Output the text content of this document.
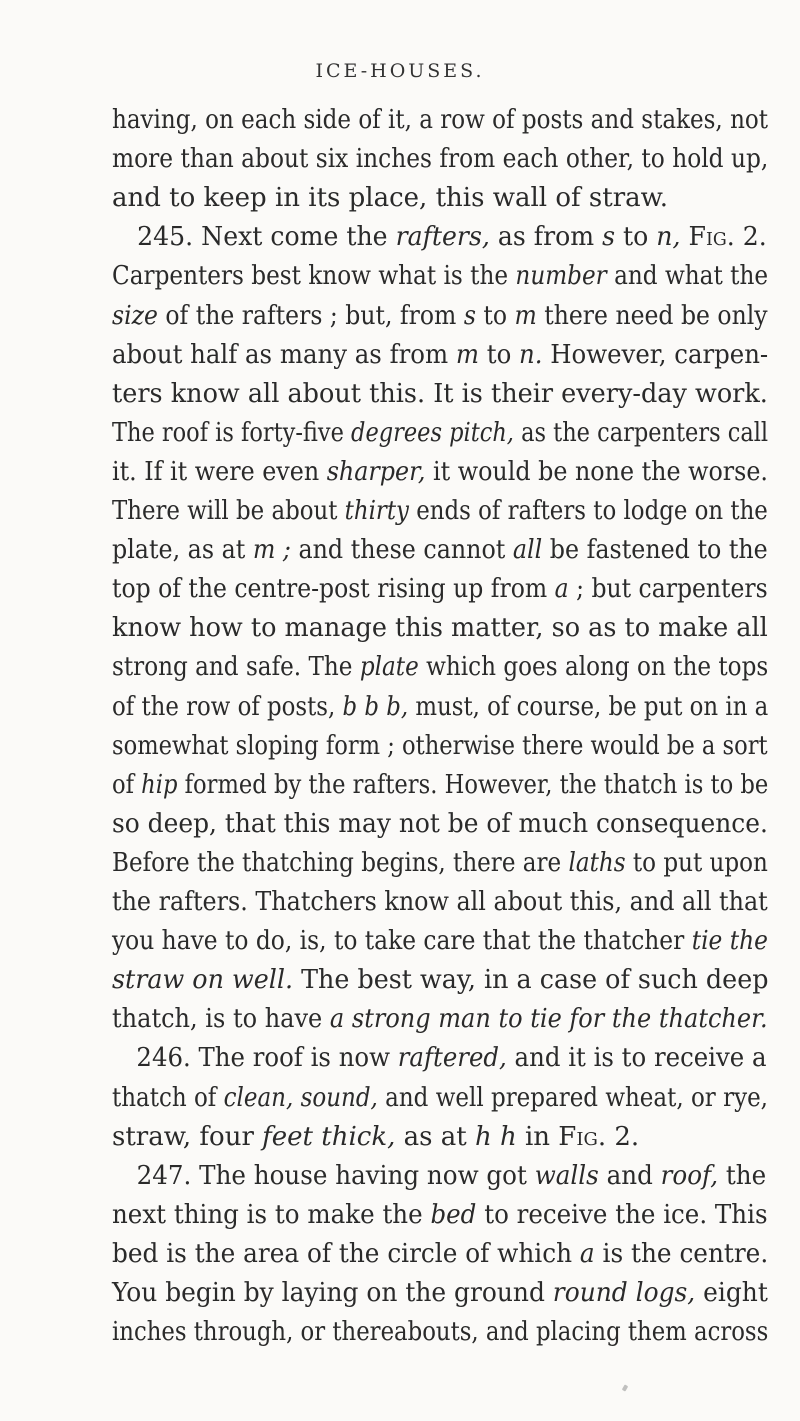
ICE-HOUSES.
having, on each side of it, a row of posts and stakes, not
more than about six inches from each other, to hold up,
and to keep in its place, this wall of straw.
245. Next come the rafters, as from s to n, Fig. 2.
Carpenters best know what is the number and what the
size of the rafters ; but, from s to m there need be only
about half as many as from m to n. However, carpen-
ters know all about this. It is their every-day work.
The roof is forty-five degrees pitch, as the carpenters call
it. If it were even sharper, it would be none the worse.
There will be about thirty ends of rafters to lodge on the
plate, as at m ; and these cannot all be fastened to the
top of the centre-post rising up from a ; but carpenters
know how to manage this matter, so as to make all
strong and safe. The plate which goes along on the tops
of the row of posts, b b b, must, of course, be put on in a
somewhat sloping form ; otherwise there would be a sort
of hip formed by the rafters. However, the thatch is to be
so deep, that this may not be of much consequence.
Before the thatching begins, there are laths to put upon
the rafters. Thatchers know all about this, and all that
you have to do, is, to take care that the thatcher tie the
straw on well. The best way, in a case of such deep
thatch, is to have a strong man to tie for the thatcher.
246. The roof is now raftered, and it is to receive a
thatch of clean, sound, and well prepared wheat, or rye,
straw, four feet thick, as at h h in Fig. 2.
247. The house having now got walls and roof, the
next thing is to make the bed to receive the ice. This
bed is the area of the circle of which a is the centre.
You begin by laying on the ground round logs, eight
inches through, or thereabouts, and placing them across
